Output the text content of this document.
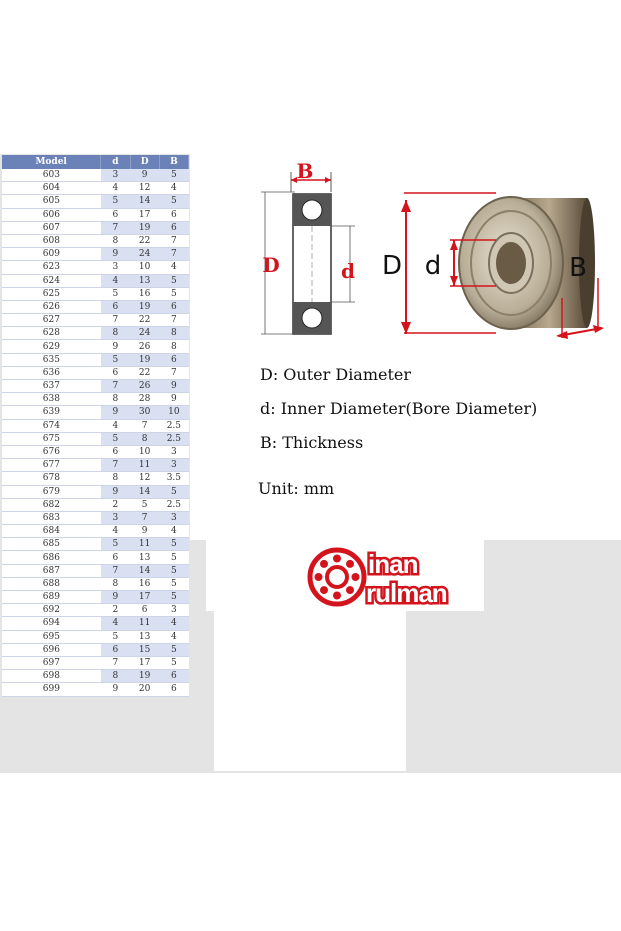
Model	d	D	B
603	3	9	5
604	4	12	4
605	5	14	5
606	6	17	6
607	7	19	6
608	8	22	7
609	9	24	7
623	3	10	4
624	4	13	5
625	5	16	5
626	6	19	6
627	7	22	7
628	8	24	8
629	9	26	8
635	5	19	6
636	6	22	7
637	7	26	9
638	8	28	9
639	9	30	10
674	4	7	2.5
675	5	8	2.5
676	6	10	3
677	7	11	3
678	8	12	3.5
679	9	14	5
682	2	5	2.5
683	3	7	3
684	4	9	4
685	5	11	5
686	6	13	5
687	7	14	5
688	8	16	5
689	9	17	5
692	2	6	3
694	4	11	4
695	5	13	4
696	6	15	5
697	7	17	5
698	8	19	6
699	9	20	6
B
D	d D d	B
D: Outer Diameter
d: Inner Diameter(Bore Diameter)
B: Thickness
Unit: mm
inan
rulman
